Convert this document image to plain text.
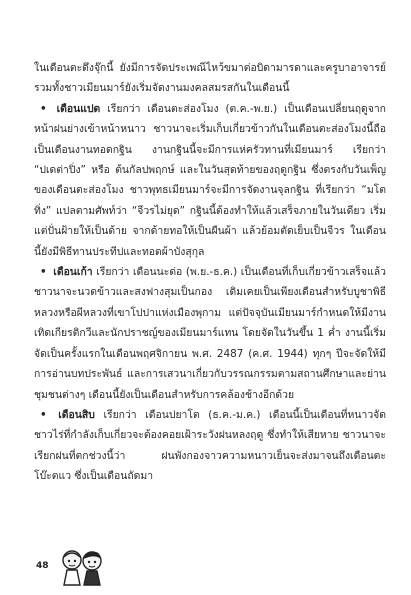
ในเดือนตะดึงจุ๊กนี้ ยังมีการจัดประเพณีไหว้ขมาต่อบิดามารดาและครูบาอาจารย์ รวมทั้งชาวเมียนมาร์ยังเริ่มจัดงานมงคลสมรสกันในเดือนนี้

• เดือนแปด เรียกว่า เดือนตะส่องโมง (ต.ค.-พ.ย.) เป็นเดือนเปลี่ยนฤดูจากหน้าฝนย่างเข้าหน้าหนาว ชาวนาจะเริ่มเก็บเกี่ยวข้าวกันในเดือนตะส่องโมงนี้ถือเป็นเดือนงานทอดกฐิน งานกฐินนี้จะมีการแห่ครัวทานที่เมียนมาร์ เรียกว่า “ปเดต่าปิ่ง” หรือ ต้นกัลปพฤกษ์ และในวันสุดท้ายของฤดูกฐิน ซึ่งตรงกับวันเพ็ญของเดือนตะส่องโมง ชาวพุทธเมียนมาร์จะมีการจัดงานจุลกฐิน ที่เรียกว่า “มโตทิ่ง” แปลตามศัพท์ว่า “จีวรไม่ยุด” กฐินนี้ต้องทำให้แล้วเสร็จภายในวันเดียว เริ่มแต่ปั่นฝ้ายให้เป็นด้าย จากด้ายทอให้เป็นผืนผ้า แล้วย้อมตัดเย็บเป็นจีวร ในเดือนนี้ยังมีพิธีทานประทีปและทอดผ้าบังสุกุล

• เดือนเก้า เรียกว่า เดือนนะด่อ (พ.ย.-ธ.ค.) เป็นเดือนที่เก็บเกี่ยวข้าวเสร็จแล้ว ชาวนาจะนวดข้าวและสงฟางสุมเป็นกอง เดิมเคยเป็นเพียงเดือนสำหรับบูชาพิธีหลวงหรือผีหลวงที่เขาโปปาแห่งเมืองพุกาม แต่ปัจจุบันเมียนมาร์กำหนดให้มีงานเทิดเกียรติกวีและนักปราชญ์ของเมียนมาร์แทน โดยจัดในวันขึ้น 1 ค่ำ งานนี้เริ่มจัดเป็นครั้งแรกในเดือนพฤศจิกายน พ.ศ. 2487 (ค.ศ. 1944) ทุกๆ ปีจะจัดให้มีการอ่านบทประพันธ์ และการเสวนาเกี่ยวกับวรรณกรรมตามสถานศึกษาและย่านชุมชนต่างๆ เดือนนี้ยังเป็นเดือนสำหรับการคล้องช้างอีกด้วย

• เดือนสิบ เรียกว่า เดือนปยาโต (ธ.ค.-ม.ค.) เดือนนี้เป็นเดือนที่หนาวจัด ชาวไร่ที่กำลังเก็บเกี่ยวจะต้องคอยเฝ้าระวังฝนหลงฤดู ซึ่งทำให้เสียหาย ชาวนาจะเรียกฝนที่ตกช่วงนี้ว่า ฝนพังกองจาวความหนาวเย็นจะส่งมาจนถึงเดือนตะโบ๊ะตแว ซึ่งเป็นเดือนถัดมา

48
